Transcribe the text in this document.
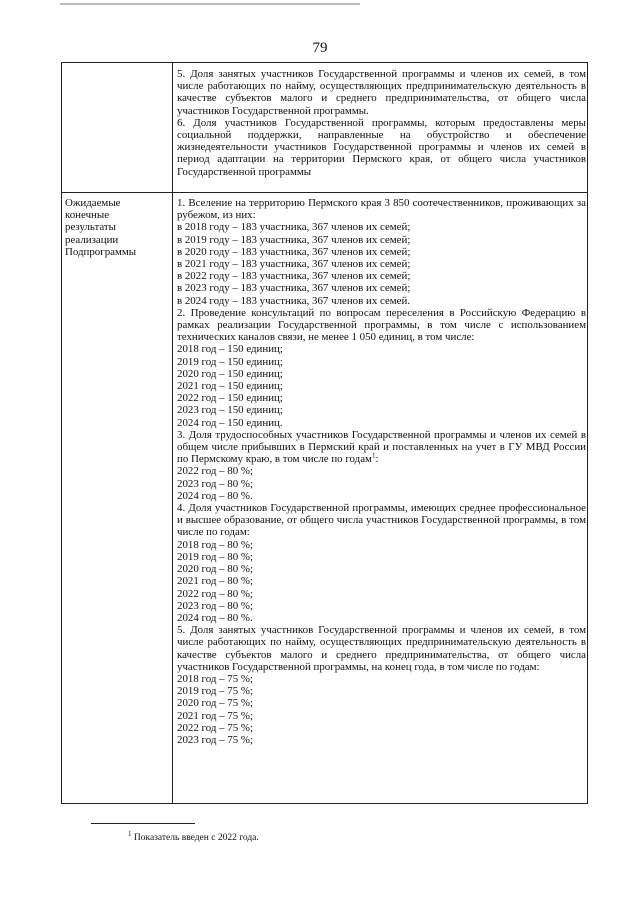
79
5. Доля занятых участников Государственной программы и членов их семей, в том числе работающих по найму, осуществляющих предпринимательскую деятельность в качестве субъектов малого и среднего предпринимательства, от общего числа участников Государственной программы.
6. Доля участников Государственной программы, которым предоставлены меры социальной поддержки, направленные на обустройство и обеспечение жизнедеятельности участников Государственной программы и членов их семей в период адаптации на территории Пермского края, от общего числа участников Государственной программы
Ожидаемые
конечные
результаты
реализации
Подпрограммы
1. Вселение на территорию Пермского края 3 850 соотечественников, проживающих за рубежом, из них:
в 2018 году – 183 участника, 367 членов их семей;
в 2019 году – 183 участника, 367 членов их семей;
в 2020 году – 183 участника, 367 членов их семей;
в 2021 году – 183 участника, 367 членов их семей;
в 2022 году – 183 участника, 367 членов их семей;
в 2023 году – 183 участника, 367 членов их семей;
в 2024 году – 183 участника, 367 членов их семей.
2. Проведение консультаций по вопросам переселения в Российскую Федерацию в рамках реализации Государственной программы, в том числе с использованием технических каналов связи, не менее 1 050 единиц, в том числе:
2018 год – 150 единиц;
2019 год – 150 единиц;
2020 год – 150 единиц;
2021 год – 150 единиц;
2022 год – 150 единиц;
2023 год – 150 единиц;
2024 год – 150 единиц.
3. Доля трудоспособных участников Государственной программы и членов их семей в общем числе прибывших в Пермский край и поставленных на учет в ГУ МВД России по Пермскому краю, в том числе по годам$^1$:
2022 год – 80 %;
2023 год – 80 %;
2024 год – 80 %.
4. Доля участников Государственной программы, имеющих среднее профессиональное и высшее образование, от общего числа участников Государственной программы, в том числе по годам:
2018 год – 80 %;
2019 год – 80 %;
2020 год – 80 %;
2021 год – 80 %;
2022 год – 80 %;
2023 год – 80 %;
2024 год – 80 %.
5. Доля занятых участников Государственной программы и членов их семей, в том числе работающих по найму, осуществляющих предпринимательскую деятельность в качестве субъектов малого и среднего предпринимательства, от общего числа участников Государственной программы, на конец года, в том числе по годам:
2018 год – 75 %;
2019 год – 75 %;
2020 год – 75 %;
2021 год – 75 %;
2022 год – 75 %;
2023 год – 75 %;
$^1$ Показатель введен с 2022 года.
